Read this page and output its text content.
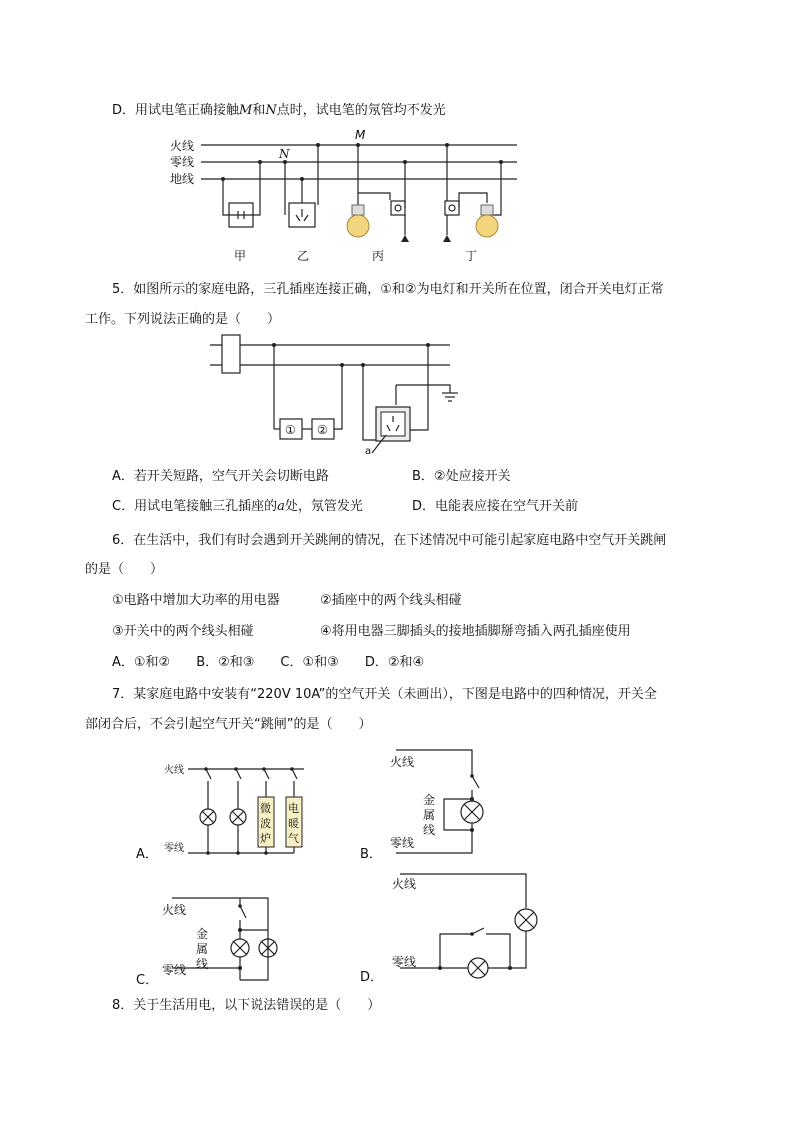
D．用试电笔正确接触M和N点时，试电笔的氖管均不发光
火线
零线
地线
N
M
甲	乙	丙	丁
5．如图所示的家庭电路，三孔插座连接正确，①和②为电灯和开关所在位置，闭合开关电灯正常
工作。下列说法正确的是（　　）
① ②
a
A．若开关短路，空气开关会切断电路	B．②处应接开关
C．用试电笔接触三孔插座的a处，氖管发光	D．电能表应接在空气开关前
6．在生活中，我们有时会遇到开关跳闸的情况，在下述情况中可能引起家庭电路中空气开关跳闸
的是（　　）
①电路中增加大功率的用电器	②插座中的两个线头相碰
③开关中的两个线头相碰	④将用电器三脚插头的接地插脚掰弯插入两孔插座使用
A．①和②　　B．②和③　　C．①和③　　D．②和④
7．某家庭电路中安装有“220V 10A”的空气开关（未画出），下图是电路中的四种情况，开关全
部闭合后，不会引起空气开关“跳闸”的是（　　）
火线
零线
微
波
炉
电
暖
气
A．
火线
零线
金
属
线
B．
火线
零线
金
属
线
C．
火线
零线
D．
8．关于生活用电，以下说法错误的是（　　）
